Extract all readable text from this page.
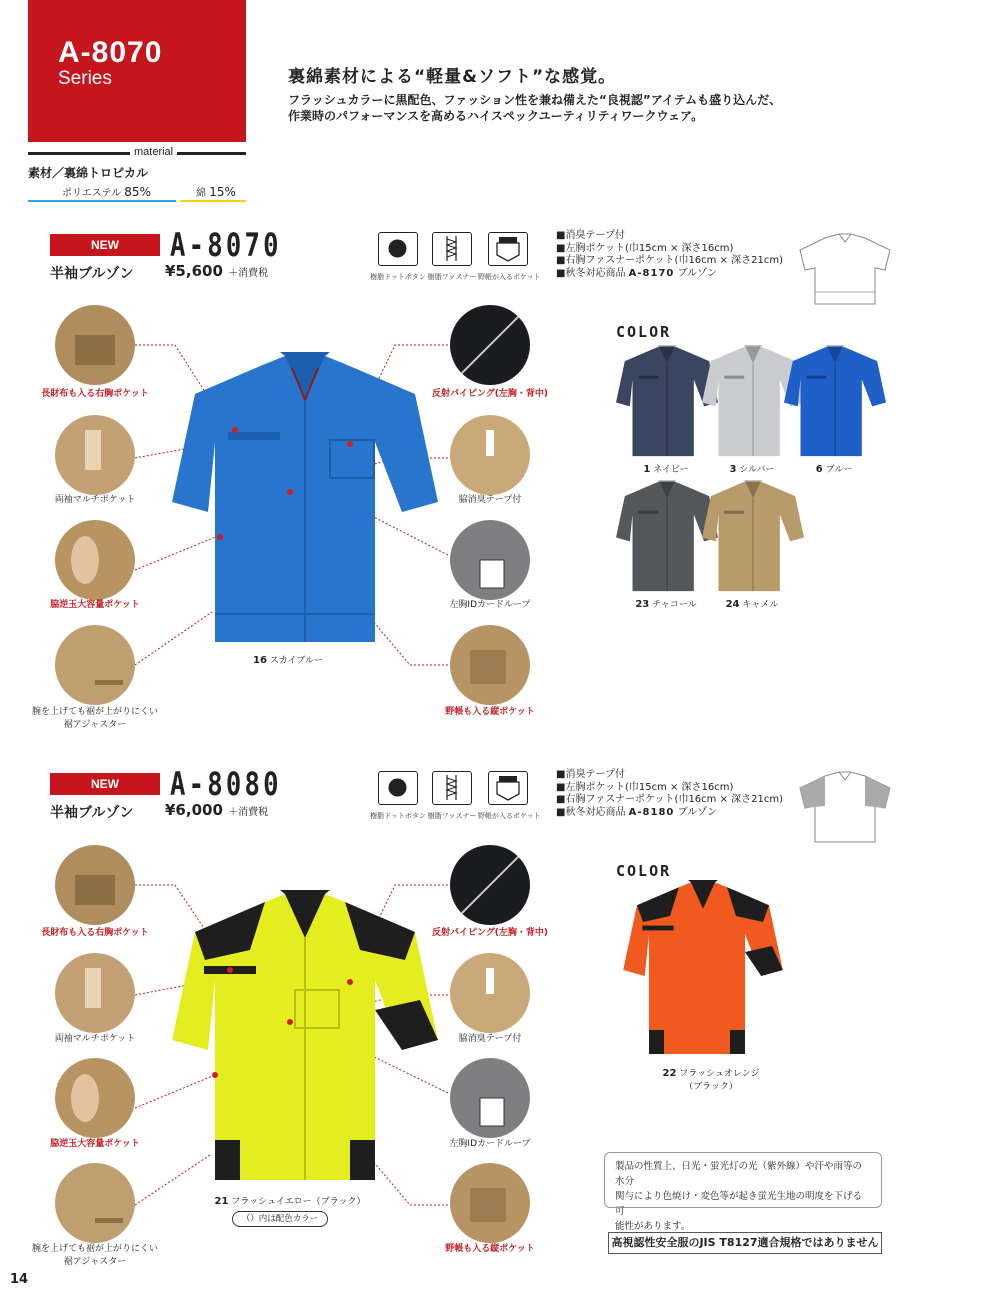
A-8070
Series	裏綿素材による“軽量&ソフト”な感覚。
フラッシュカラーに黒配色、ファッション性を兼ね備えた“良視認”アイテムも盛り込んだ、
作業時のパフォーマンスを高めるハイスペックユーティリティワークウェア。
material
素材／裏綿トロピカル
ポリエステル 85%	綿 15%
NEW	A-8070
半袖ブルゾン ¥5,600 ＋消費税	樹脂ドットボタン 樹脂ファスナー 野帳が入るポケット
■消臭テープ付
■左胸ポケット(巾15cm × 深さ16cm)
■右胸ファスナーポケット(巾16cm × 深さ21cm)
■秋冬対応商品 A-8170 ブルゾン
16 スカイブルー
長財布も入る右胸ポケット
両袖マルチポケット
脇逆玉大容量ポケット
腕を上げても裾が上がりにくい
裾アジャスター
反射パイピング(左胸・背中)
脇消臭テープ付
左胸IDカードループ
野帳も入る縦ポケット
COLOR
1 ネイビー	3 シルバー	6 ブルー
23 チャコール	24 キャメル
NEW	A-8080
半袖ブルゾン ¥6,000 ＋消費税	樹脂ドットボタン 樹脂ファスナー 野帳が入るポケット
■消臭テープ付
■左胸ポケット(巾15cm × 深さ16cm)
■右胸ファスナーポケット(巾16cm × 深さ21cm)
■秋冬対応商品 A-8180 ブルゾン
21 フラッシュイエロー（ブラック）
（）内は配色カラー
長財布も入る右胸ポケット
両袖マルチポケット
脇逆玉大容量ポケット
腕を上げても裾が上がりにくい
裾アジャスター
反射パイピング(左胸・背中)
脇消臭テープ付
左胸IDカードループ
野帳も入る縦ポケット
COLOR
22 フラッシュオレンジ
（ブラック）
製品の性質上、日光・蛍光灯の光（紫外線）や汗や雨等の水分
関与により色焼け・変色等が起き蛍光生地の明度を下げる可
能性があります。
高視認性安全服のJIS T8127適合規格ではありません
14
